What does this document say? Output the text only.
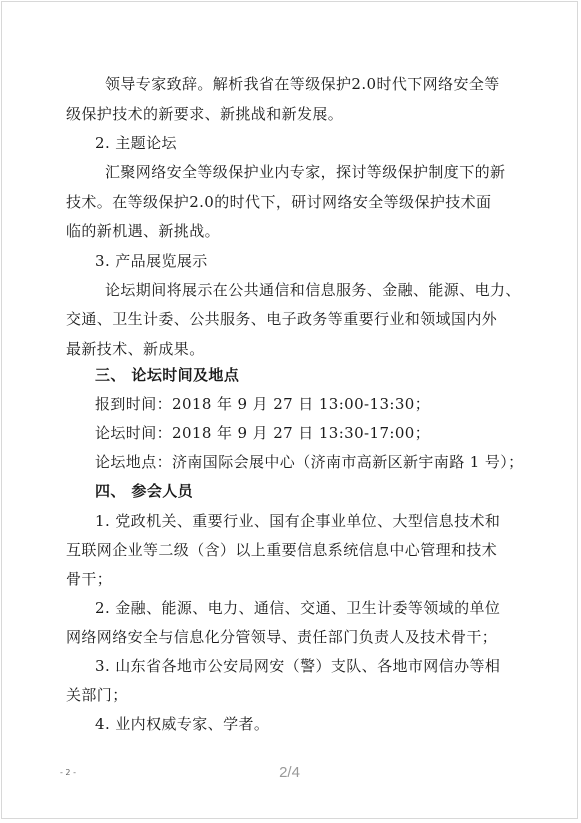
领导专家致辞。解析我省在等级保护2.0时代下网络安全等
级保护技术的新要求、新挑战和新发展。
2. 主题论坛
汇聚网络安全等级保护业内专家，探讨等级保护制度下的新
技术。在等级保护2.0的时代下，研讨网络安全等级保护技术面
临的新机遇、新挑战。
3. 产品展览展示
论坛期间将展示在公共通信和信息服务、金融、能源、电力、
交通、卫生计委、公共服务、电子政务等重要行业和领域国内外
最新技术、新成果。
三、 论坛时间及地点
报到时间：2018 年 9 月 27 日 13:00-13:30；
论坛时间：2018 年 9 月 27 日 13:30-17:00；
论坛地点：济南国际会展中心（济南市高新区新宇南路 1 号）；
四、 参会人员
1. 党政机关、重要行业、国有企事业单位、大型信息技术和
互联网企业等二级（含）以上重要信息系统信息中心管理和技术
骨干；
2. 金融、能源、电力、通信、交通、卫生计委等领域的单位
网络网络安全与信息化分管领导、责任部门负责人及技术骨干；
3. 山东省各地市公安局网安（警）支队、各地市网信办等相
关部门；
4. 业内权威专家、学者。
- 2 -	2/4
